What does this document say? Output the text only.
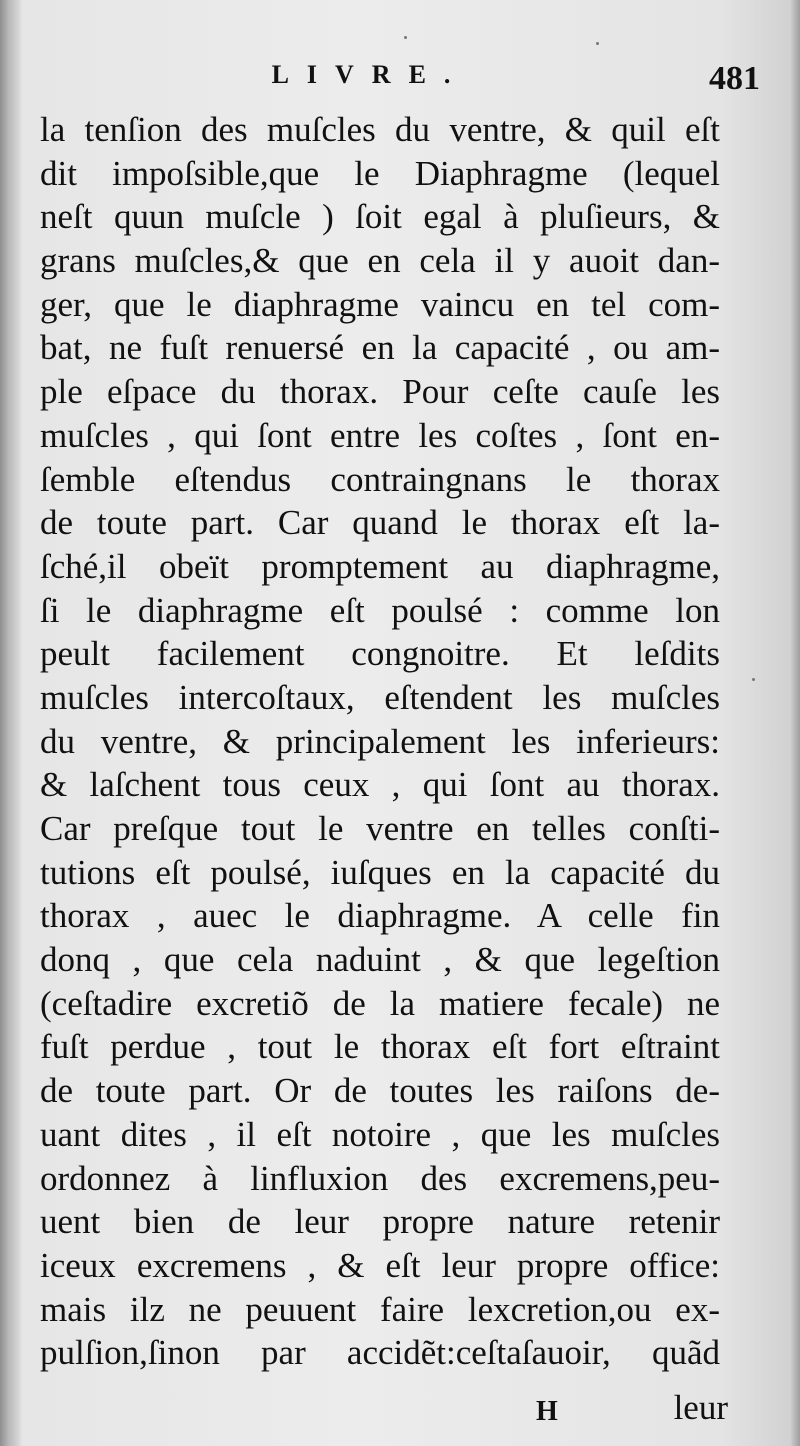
LIVRE.	481
la tenſion des muſcles du ventre, & quil eſt
dit impoſsible,que le Diaphragme (lequel
neſt quun muſcle ) ſoit egal à pluſieurs, &
grans muſcles,& que en cela il y auoit dan-
ger, que le diaphragme vaincu en tel com-
bat, ne fuſt renuersé en la capacité , ou am-
ple eſpace du thorax. Pour ceſte cauſe les
muſcles , qui ſont entre les coſtes , ſont en-
ſemble eſtendus contraingnans le thorax
de toute part. Car quand le thorax eſt la-
ſché,il obeït promptement au diaphragme,
ſi le diaphragme eſt poulsé : comme lon
peult facilement congnoitre. Et leſdits
muſcles intercoſtaux, eſtendent les muſcles
du ventre, & principalement les inferieurs:
& laſchent tous ceux , qui ſont au thorax.
Car preſque tout le ventre en telles conſti-
tutions eſt poulsé, iuſques en la capacité du
thorax , auec le diaphragme. A celle fin
donq , que cela naduint , & que legeſtion
(ceſtadire excretiõ de la matiere fecale) ne
fuſt perdue , tout le thorax eſt fort eſtraint
de toute part. Or de toutes les raiſons de-
uant dites , il eſt notoire , que les muſcles
ordonnez à linfluxion des excremens,peu-
uent bien de leur propre nature retenir
iceux excremens , & eſt leur propre office:
mais ilz ne peuuent faire lexcretion,ou ex-
pulſion,ſinon par accidẽt:ceſtaſauoir, quãd
H	leur
